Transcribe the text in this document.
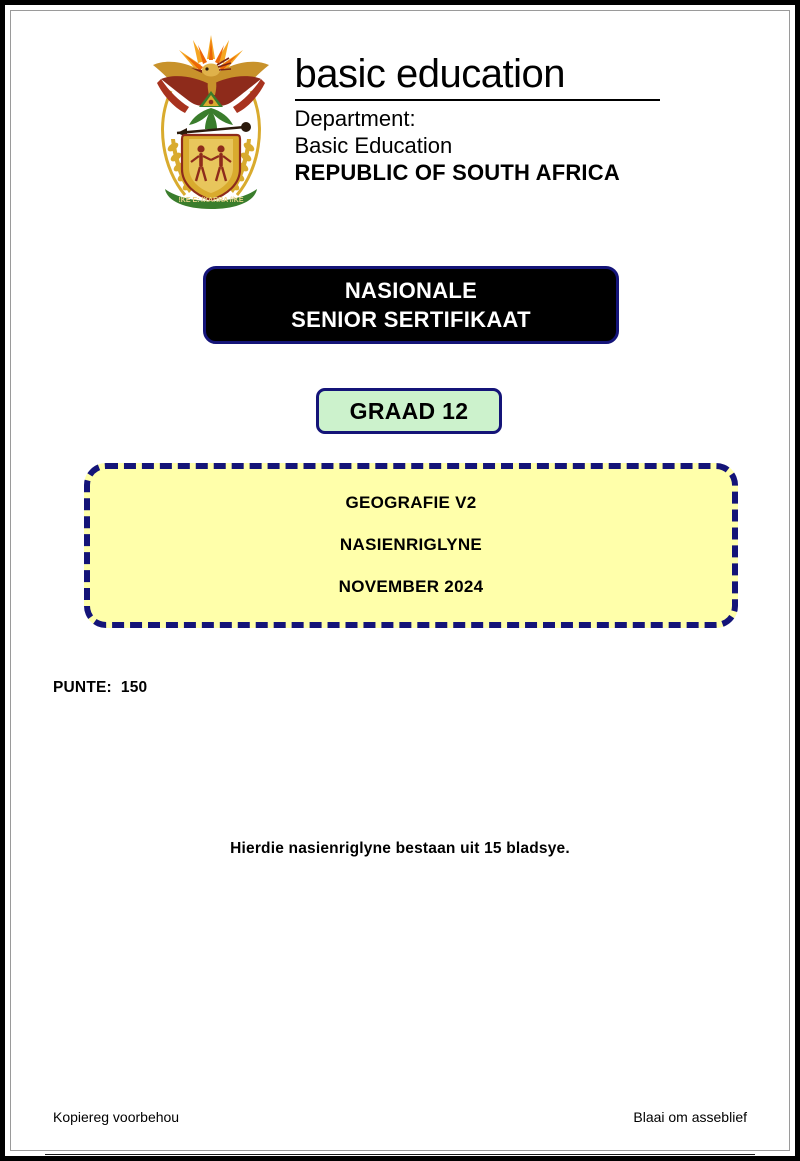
!KE E: /XARRA //KE
basic education
Department:
Basic Education
REPUBLIC OF SOUTH AFRICA
NASIONALE
SENIOR SERTIFIKAAT
GRAAD 12
GEOGRAFIE V2
NASIENRIGLYNE
NOVEMBER 2024
PUNTE:  150
Hierdie nasienriglyne bestaan uit 15 bladsye.
Kopiereg voorbehou	Blaai om asseblief
